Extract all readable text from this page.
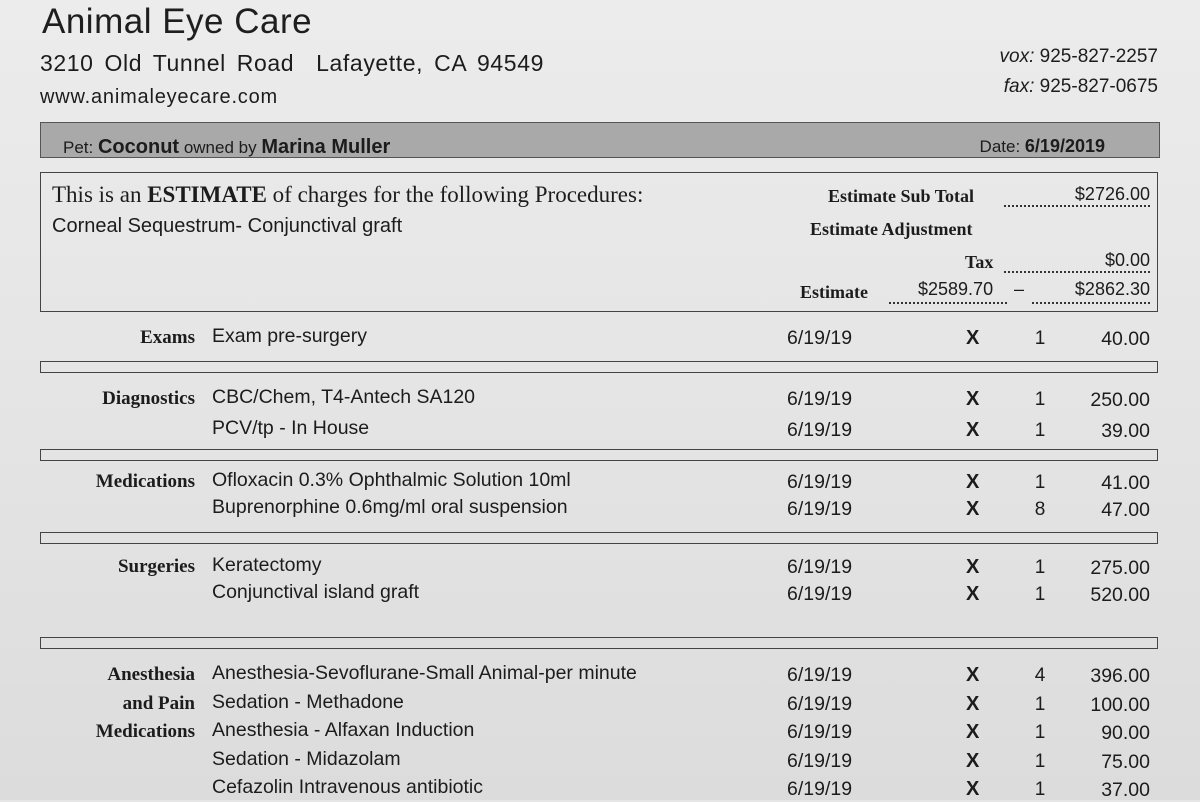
Animal Eye Care
3210 Old Tunnel Road  Lafayette, CA 94549
www.animaleyecare.com
vox: 925-827-2257
fax: 925-827-0675
Pet: Coconut owned by Marina Muller	Date: 6/19/2019
This is an ESTIMATE of charges for the following Procedures:
Corneal Sequestrum- Conjunctival graft
Estimate Sub Total	$2726.00
Estimate Adjustment
Tax	$0.00
Estimate	$2589.70 –	$2862.30
Exams Exam pre-surgery	6/19/19	X	1	40.00
Diagnostics CBC/Chem, T4-Antech SA120	6/19/19	X	1 250.00
PCV/tp - In House	6/19/19	X	1	39.00
Medications Ofloxacin 0.3% Ophthalmic Solution 10ml	6/19/19	X	1	41.00
Buprenorphine 0.6mg/ml oral suspension	6/19/19	X	8	47.00
Surgeries Keratectomy	6/19/19	X	1 275.00
Conjunctival island graft	6/19/19	X	1 520.00
Anesthesia
and Pain
Medications
Anesthesia-Sevoflurane-Small Animal-per minute	6/19/19	X	4 396.00
Sedation - Methadone	6/19/19	X	1 100.00
Anesthesia - Alfaxan Induction	6/19/19	X	1	90.00
Sedation - Midazolam	6/19/19	X	1	75.00
Cefazolin Intravenous antibiotic	6/19/19	X	1	37.00
